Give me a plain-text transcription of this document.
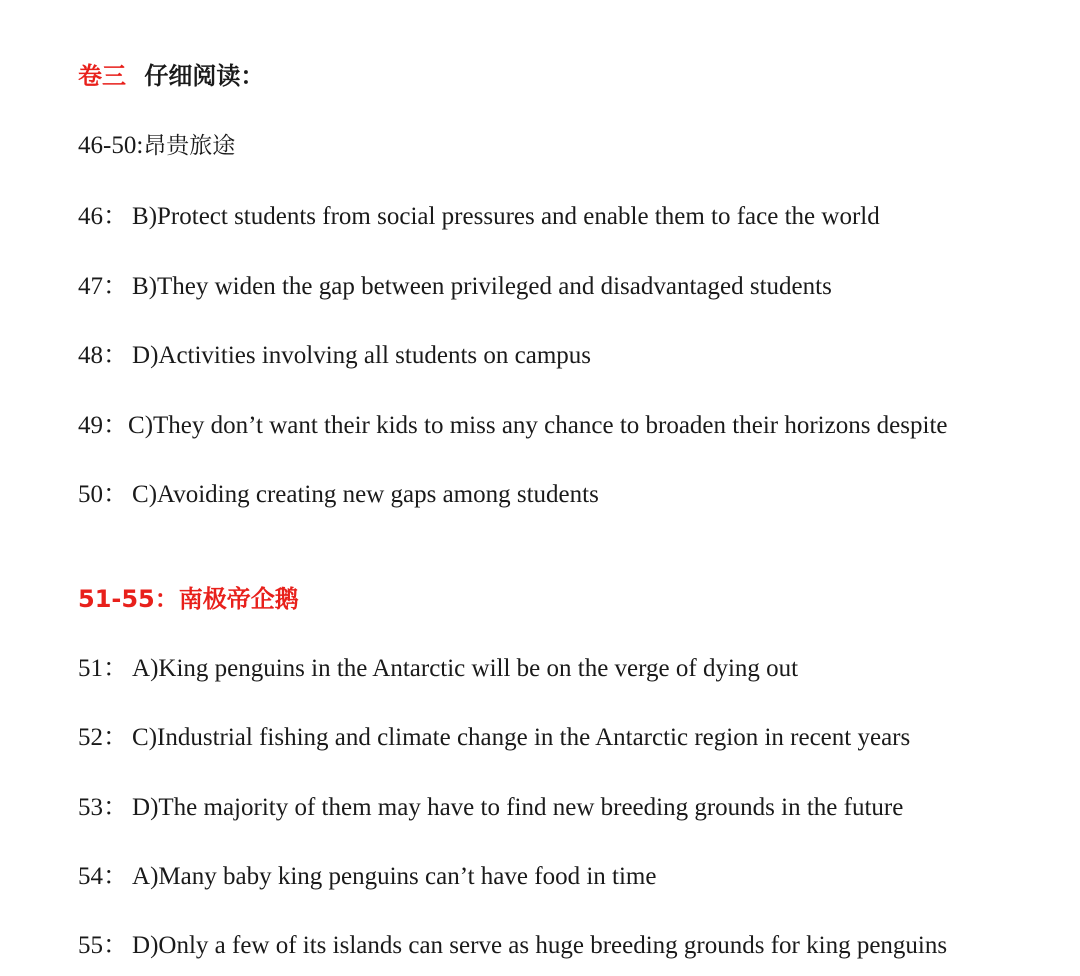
卷三 仔细阅读：
46-50:昂贵旅途
46： B)Protect students from social pressures and enable them to face the world
47： B)They widen the gap between privileged and disadvantaged students
48： D)Activities involving all students on campus
49：C)They don’t want their kids to miss any chance to broaden their horizons despite
50： C)Avoiding creating new gaps among students
51-55：南极帝企鹅
51： A)King penguins in the Antarctic will be on the verge of dying out
52： C)Industrial fishing and climate change in the Antarctic region in recent years
53： D)The majority of them may have to find new breeding grounds in the future
54： A)Many baby king penguins can’t have food in time
55： D)Only a few of its islands can serve as huge breeding grounds for king penguins
